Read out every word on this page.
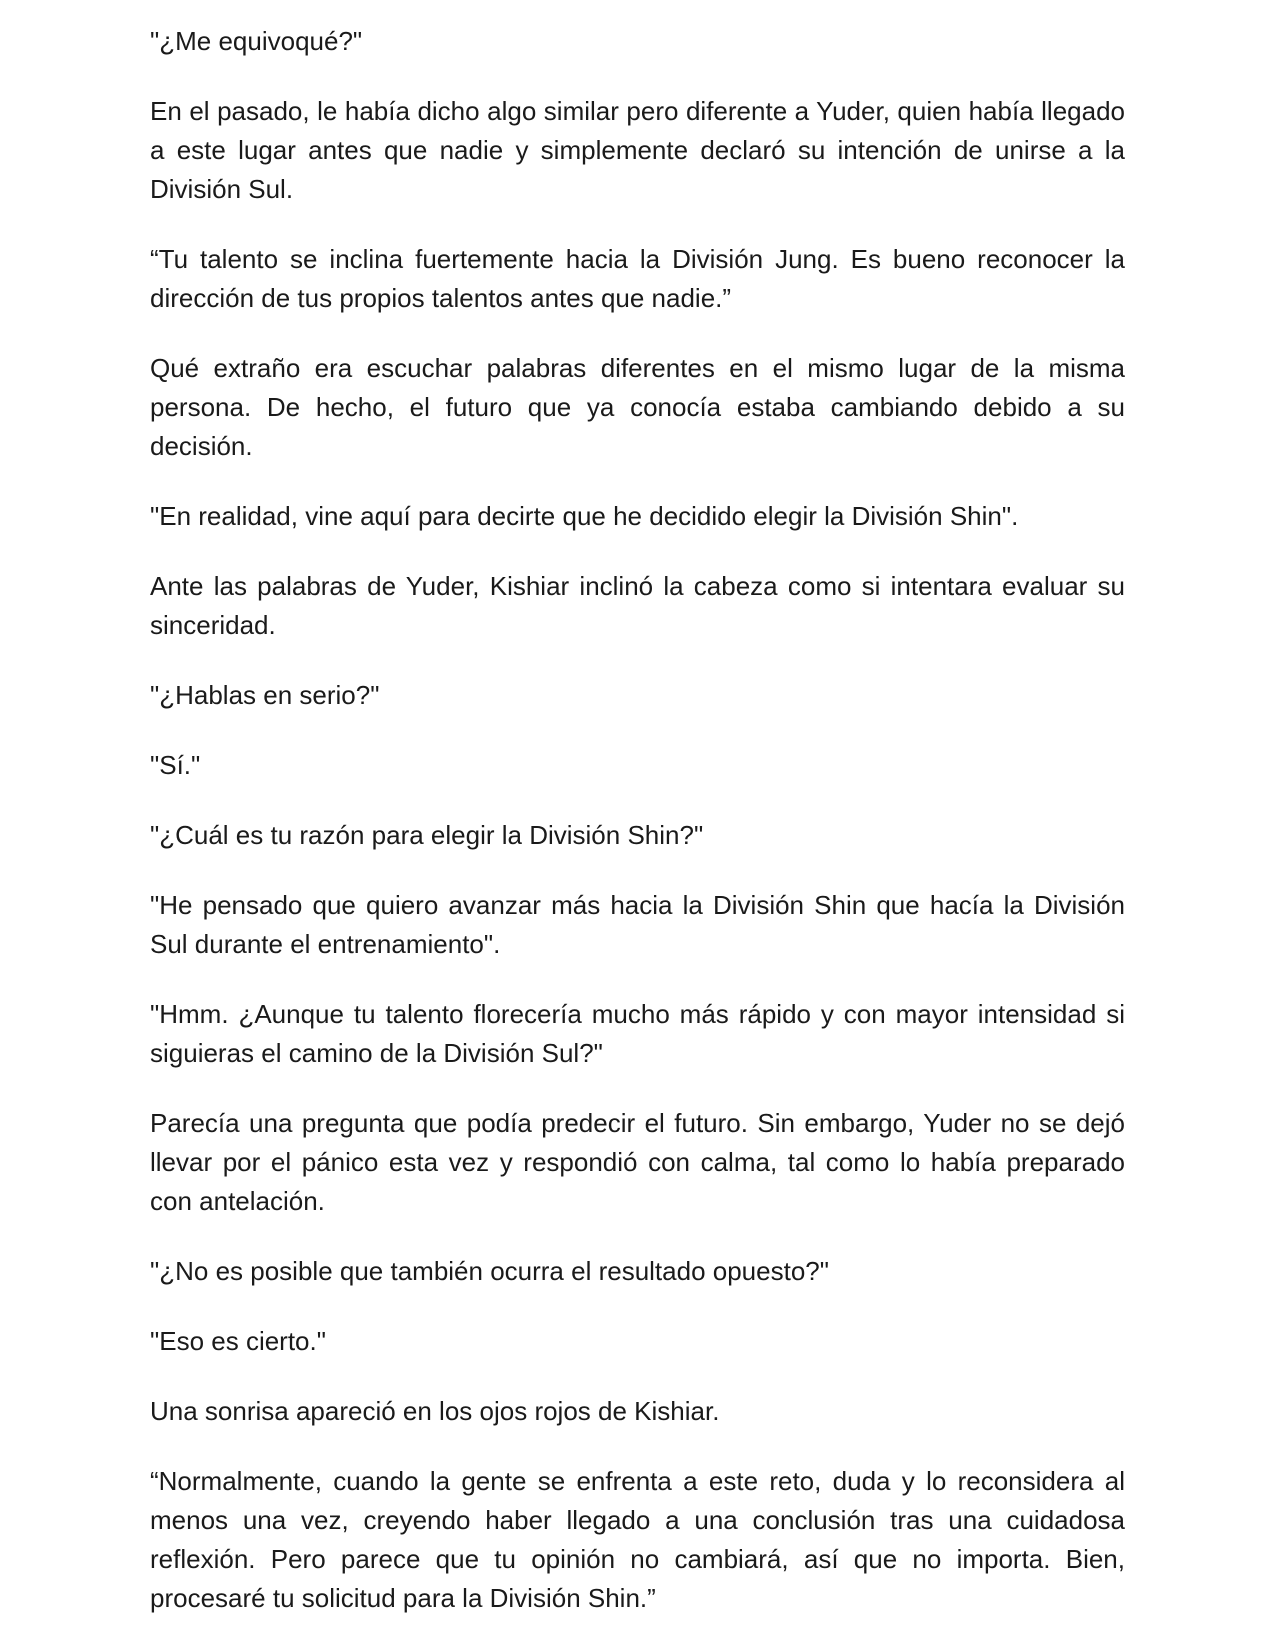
"¿Me equivoqué?"

En el pasado, le había dicho algo similar pero diferente a Yuder, quien había llegado a este lugar antes que nadie y simplemente declaró su intención de unirse a la División Sul.

“Tu talento se inclina fuertemente hacia la División Jung. Es bueno reconocer la dirección de tus propios talentos antes que nadie.”

Qué extraño era escuchar palabras diferentes en el mismo lugar de la misma persona. De hecho, el futuro que ya conocía estaba cambiando debido a su decisión.

"En realidad, vine aquí para decirte que he decidido elegir la División Shin".

Ante las palabras de Yuder, Kishiar inclinó la cabeza como si intentara evaluar su sinceridad.

"¿Hablas en serio?"

"Sí."

"¿Cuál es tu razón para elegir la División Shin?"

"He pensado que quiero avanzar más hacia la División Shin que hacía la División Sul durante el entrenamiento".

"Hmm. ¿Aunque tu talento florecería mucho más rápido y con mayor intensidad si siguieras el camino de la División Sul?"

Parecía una pregunta que podía predecir el futuro. Sin embargo, Yuder no se dejó llevar por el pánico esta vez y respondió con calma, tal como lo había preparado con antelación.

"¿No es posible que también ocurra el resultado opuesto?"

"Eso es cierto."

Una sonrisa apareció en los ojos rojos de Kishiar.

“Normalmente, cuando la gente se enfrenta a este reto, duda y lo reconsidera al menos una vez, creyendo haber llegado a una conclusión tras una cuidadosa reflexión. Pero parece que tu opinión no cambiará, así que no importa. Bien, procesaré tu solicitud para la División Shin.”
